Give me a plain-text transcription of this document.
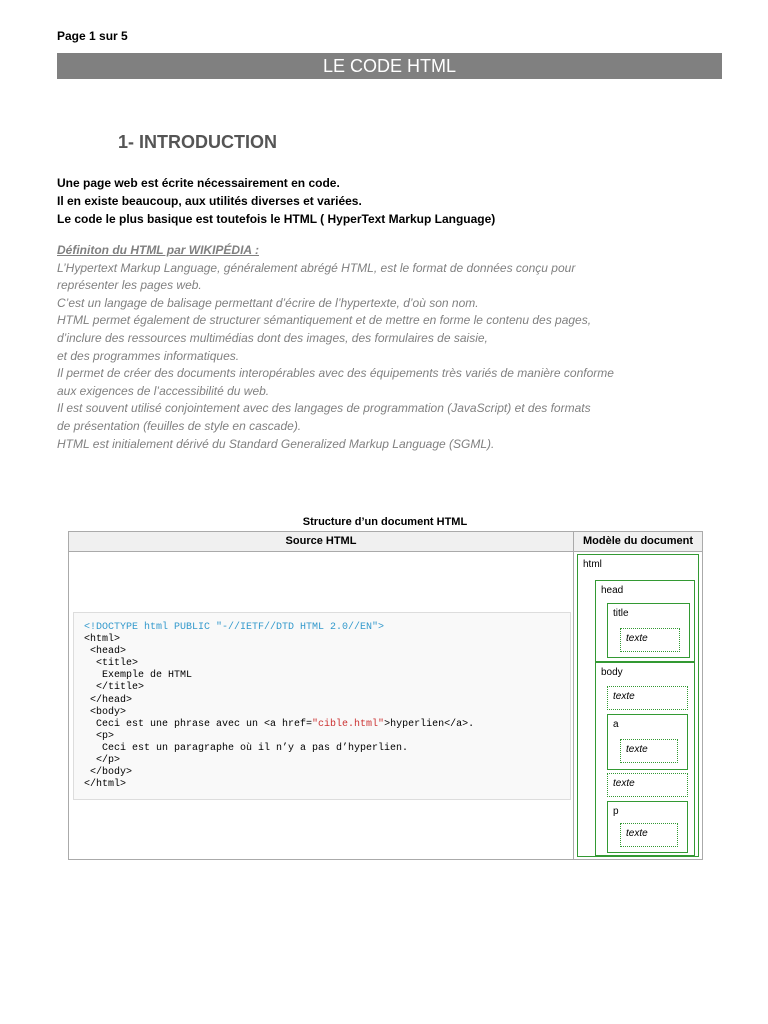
Page 1 sur 5
LE CODE HTML
1- INTRODUCTION
Une page web est écrite nécessairement en code.
Il en existe beaucoup, aux utilités diverses et variées.
Le code le plus basique est toutefois le HTML ( HyperText Markup Language)
Définiton du HTML par WIKIPÉDIA :
L’Hypertext Markup Language, généralement abrégé HTML, est le format de données conçu pour
représenter les pages web.
C’est un langage de balisage permettant d’écrire de l’hypertexte, d’où son nom.
HTML permet également de structurer sémantiquement et de mettre en forme le contenu des pages,
d’inclure des ressources multimédias dont des images, des formulaires de saisie,
et des programmes informatiques.
Il permet de créer des documents interopérables avec des équipements très variés de manière conforme
aux exigences de l’accessibilité du web.
Il est souvent utilisé conjointement avec des langages de programmation (JavaScript) et des formats
de présentation (feuilles de style en cascade).
HTML est initialement dérivé du Standard Generalized Markup Language (SGML).
Structure d’un document HTML
Source HTML
<!DOCTYPE html PUBLIC "-//IETF//DTD HTML 2.0//EN">
<html>
<head>
<title>
Exemple de HTML
</title>
</head>
<body>
Ceci est une phrase avec un <a href="cible.html">hyperlien</a>.
<p>
Ceci est un paragraphe où il n’y a pas d’hyperlien.
</p>
</body>
</html>
Modèle du document
html
head
title
texte
body
texte
a
texte
texte
p
texte
